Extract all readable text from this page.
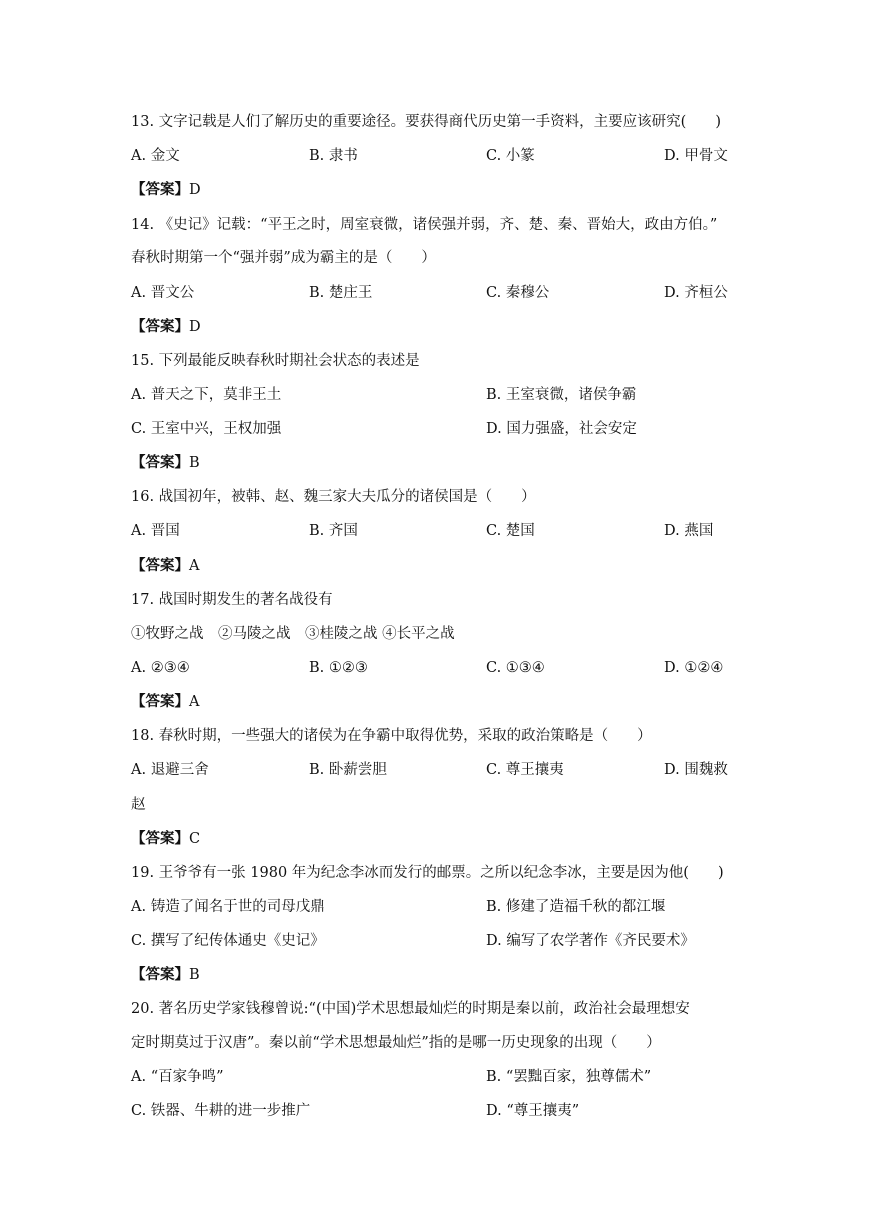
13. 文字记载是人们了解历史的重要途径。要获得商代历史第一手资料，主要应该研究(　　)
A. 金文	B. 隶书	C. 小篆	D. 甲骨文
【答案】D
14. 《史记》记载：“平王之时，周室衰微，诸侯强并弱，齐、楚、秦、晋始大，政由方伯。”
春秋时期第一个“强并弱”成为霸主的是（　　）
A. 晋文公	B. 楚庄王	C. 秦穆公	D. 齐桓公
【答案】D
15. 下列最能反映春秋时期社会状态的表述是
A. 普天之下，莫非王土	B. 王室衰微，诸侯争霸
C. 王室中兴，王权加强	D. 国力强盛，社会安定
【答案】B
16. 战国初年，被韩、赵、魏三家大夫瓜分的诸侯国是（　　）
A. 晋国	B. 齐国	C. 楚国	D. 燕国
【答案】A
17. 战国时期发生的著名战役有
①牧野之战　②马陵之战　③桂陵之战 ④长平之战
A. ②③④	B. ①②③	C. ①③④	D. ①②④
【答案】A
18. 春秋时期，一些强大的诸侯为在争霸中取得优势，采取的政治策略是（　　）
A. 退避三舍	B. 卧薪尝胆	C. 尊王攘夷	D. 围魏救
赵
【答案】C
19. 王爷爷有一张 1980 年为纪念李冰而发行的邮票。之所以纪念李冰，主要是因为他(　　)
A. 铸造了闻名于世的司母戊鼎	B. 修建了造福千秋的都江堰
C. 撰写了纪传体通史《史记》	D. 编写了农学著作《齐民要术》
【答案】B
20. 著名历史学家钱穆曾说:“(中国)学术思想最灿烂的时期是秦以前，政治社会最理想安
定时期莫过于汉唐”。秦以前“学术思想最灿烂”指的是哪一历史现象的出现（　　）
A. “百家争鸣”	B. “罢黜百家，独尊儒术”
C. 铁器、牛耕的进一步推广	D. “尊王攘夷”
